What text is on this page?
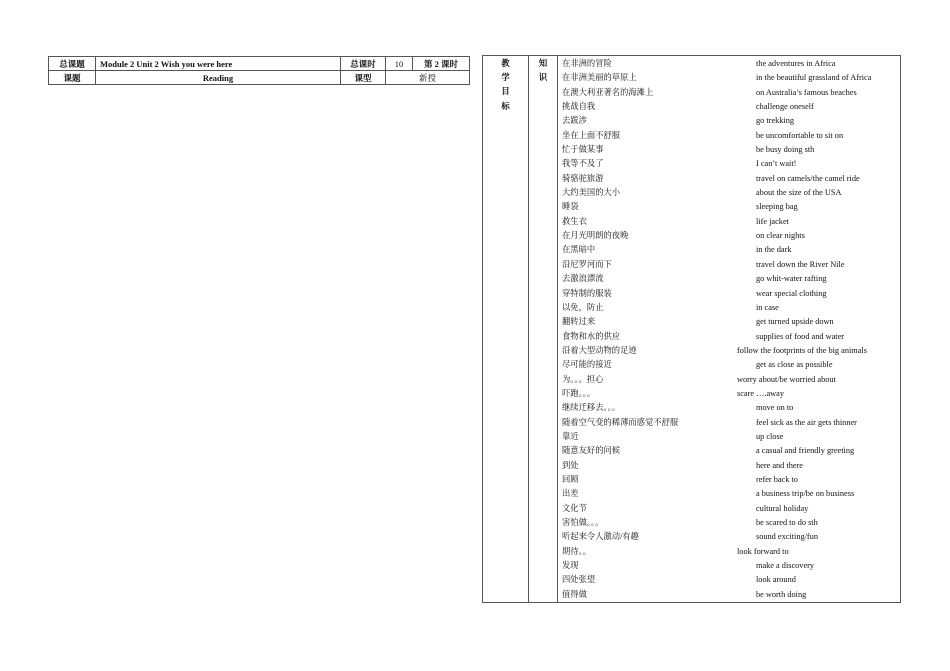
总课题	Module 2 Unit 2 Wish you were here	总课时	10	第 2 课时
课题	Reading	课型	新授	
教
学
目
标

知
识

在非洲的冒险	the adventures in Africa
在非洲美丽的草原上	in the beautiful grassland of Africa
在澳大利亚著名的海滩上	on Australia’s famous beaches
挑战自我	challenge oneself
去跋涉	go trekking
坐在上面不舒服	be uncomfortable to sit on
忙于做某事	be busy doing sth
我等不及了	I can’t wait!
骑骆驼旅游	travel on camels/the camel ride
大约美国的大小	about the size of the USA
睡袋	sleeping bag
救生衣	life jacket
在月光明朗的夜晚	on clear nights
在黑暗中	in the dark
沿尼罗河而下	travel down the River Nile
去激浪漂流	go whit-water rafting
穿特制的服装	wear special clothing
以免，防止	in case
翻转过来	get turned upside down
食物和水的供应	supplies of food and water
沿着大型动物的足迹	follow the footprints of the big animals
尽可能的接近	get as close as possible
为。。。担心	worry about/be worried about
吓跑。。。	scare ….away
继续迁移去。。。	move on to
随着空气变的稀薄而感觉不舒服	feel sick as the air gets thinner
靠近	up close
随意友好的问候	a casual and friendly greeting
到处	here and there
回顾	refer back to
出差	a business trip/be on business
文化节	cultural holiday
害怕做。。。	be scared to do sth
听起来令人激动/有趣	sound exciting/fun
期待。。	look forward to
发现	make a discovery
四处张望	look around
值得做	be worth doing
